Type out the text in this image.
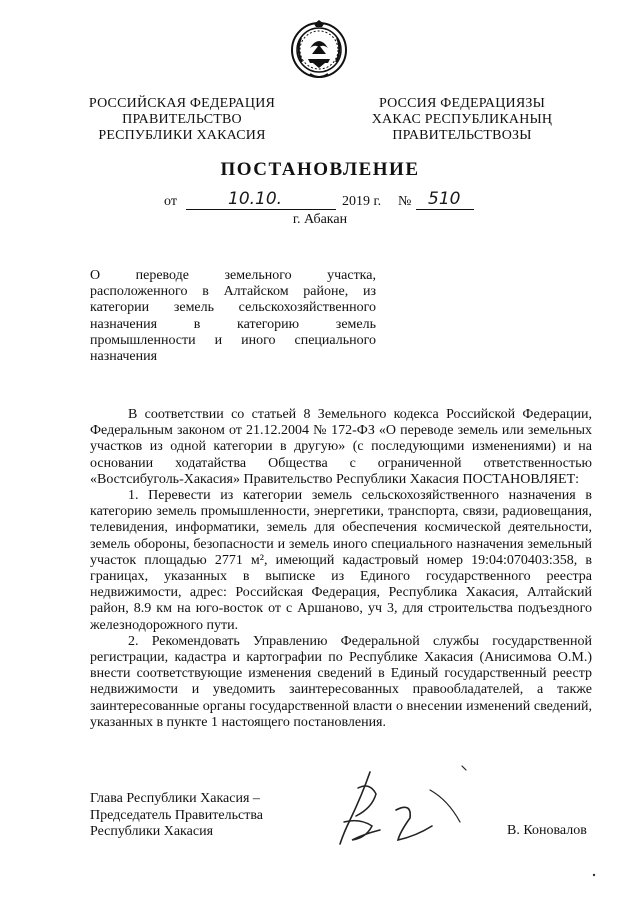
РОССИЙСКАЯ ФЕДЕРАЦИЯ
ПРАВИТЕЛЬСТВО
РЕСПУБЛИКИ ХАКАСИЯ
РОССИЯ ФЕДЕРАЦИЯЗЫ
ХАКАС РЕСПУБЛИКАНЫҢ
ПРАВИТЕЛЬСТВОЗЫ
ПОСТАНОВЛЕНИЕ
от	10.10.	2019 г. № 510
г. Абакан

О переводе земельного участка,

расположенного в Алтайском районе, из

категории земель сельскохозяйственного

назначения в категорию земель

промышленности и иного специального

назначения

В соответствии со статьей 8 Земельного кодекса Российской Федерации, Федеральным законом от 21.12.2004 № 172-ФЗ «О переводе земель или земельных участков из одной категории в другую» (с последующими изменениями) и на основании ходатайства Общества с ограниченной ответственностью «Востсибуголь-Хакасия» Правительство Республики Хакасия ПОСТАНОВЛЯЕТ:

1. Перевести из категории земель сельскохозяйственного назначения в категорию земель промышленности, энергетики, транспорта, связи, радиовещания, телевидения, информатики, земель для обеспечения космической деятельности, земель обороны, безопасности и земель иного специального назначения земельный участок площадью 2771 м², имеющий кадастровый номер 19:04:070403:358, в границах, указанных в выписке из Единого государственного реестра недвижимости, адрес: Российская Федерация, Республика Хакасия, Алтайский район, 8.9 км на юго-восток от с Аршаново, уч 3, для строительства подъездного железнодорожного пути.

2. Рекомендовать Управлению Федеральной службы государственной регистрации, кадастра и картографии по Республике Хакасия (Анисимова О.М.) внести соответствующие изменения сведений в Единый государственный реестр недвижимости и уведомить заинтересованных правообладателей, а также заинтересованные органы государственной власти о внесении изменений сведений, указанных в пункте 1 настоящего постановления.

Глава Республики Хакасия –
Председатель Правительства
Республики Хакасия	В. Коновалов
